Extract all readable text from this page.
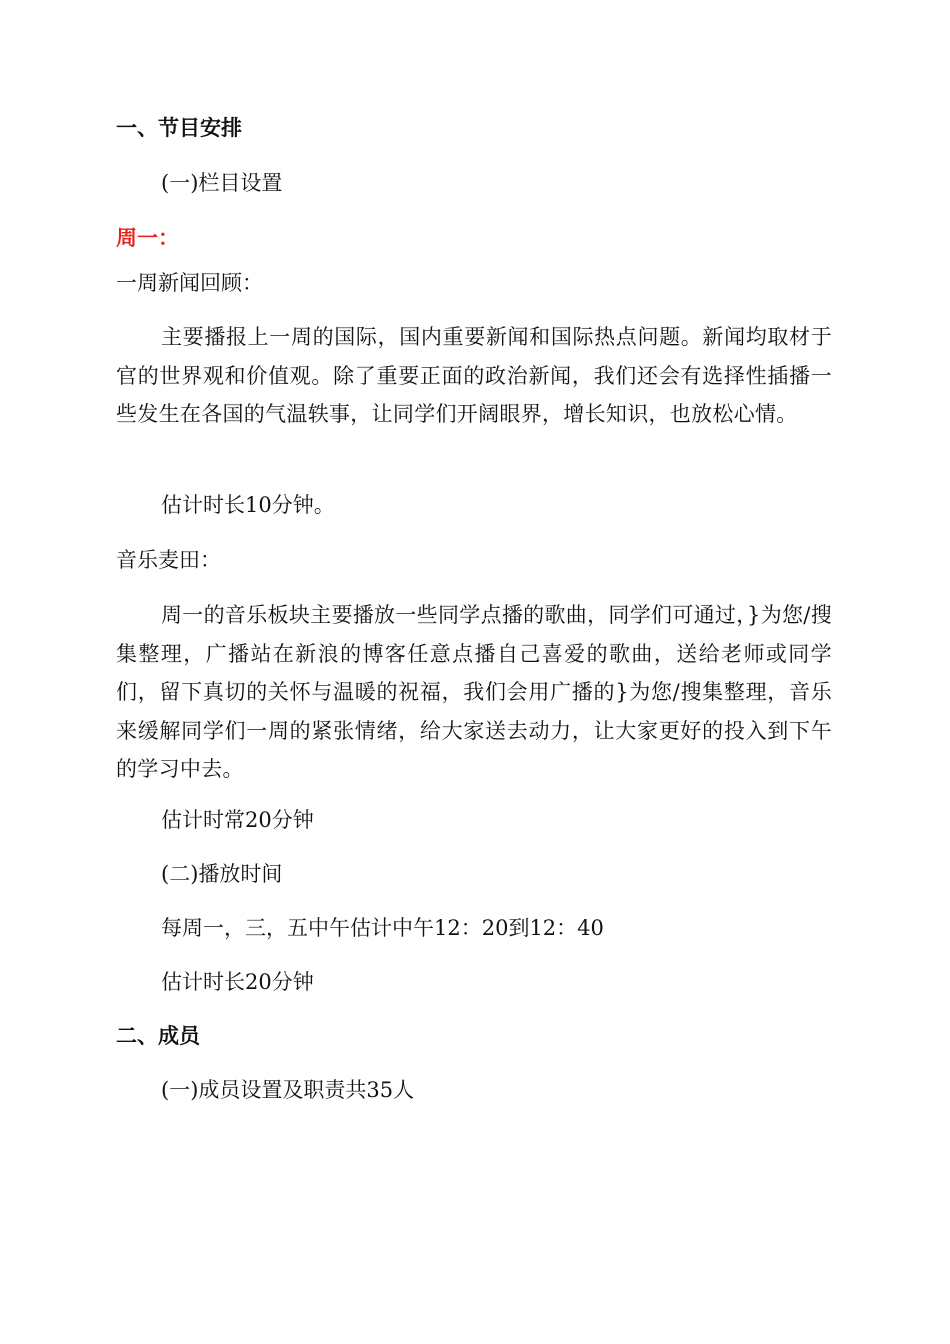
一、节目安排
(一)栏目设置
周一：
一周新闻回顾：
主要播报上一周的国际，国内重要新闻和国际热点问题。新闻均取材于官的世界观和价值观。除了重要正面的政治新闻，我们还会有选择性插播一些发生在各国的气温轶事，让同学们开阔眼界，增长知识，也放松心情。
估计时长10分钟。
音乐麦田：
周一的音乐板块主要播放一些同学点播的歌曲，同学们可通过，}为您/搜集整理，广播站在新浪的博客任意点播自己喜爱的歌曲，送给老师或同学们，留下真切的关怀与温暖的祝福，我们会用广播的}为您/搜集整理，音乐来缓解同学们一周的紧张情绪，给大家送去动力，让大家更好的投入到下午的学习中去。
估计时常20分钟
(二)播放时间
每周一，三，五中午估计中午12：20到12：40
估计时长20分钟
二、成员
(一)成员设置及职责共35人
